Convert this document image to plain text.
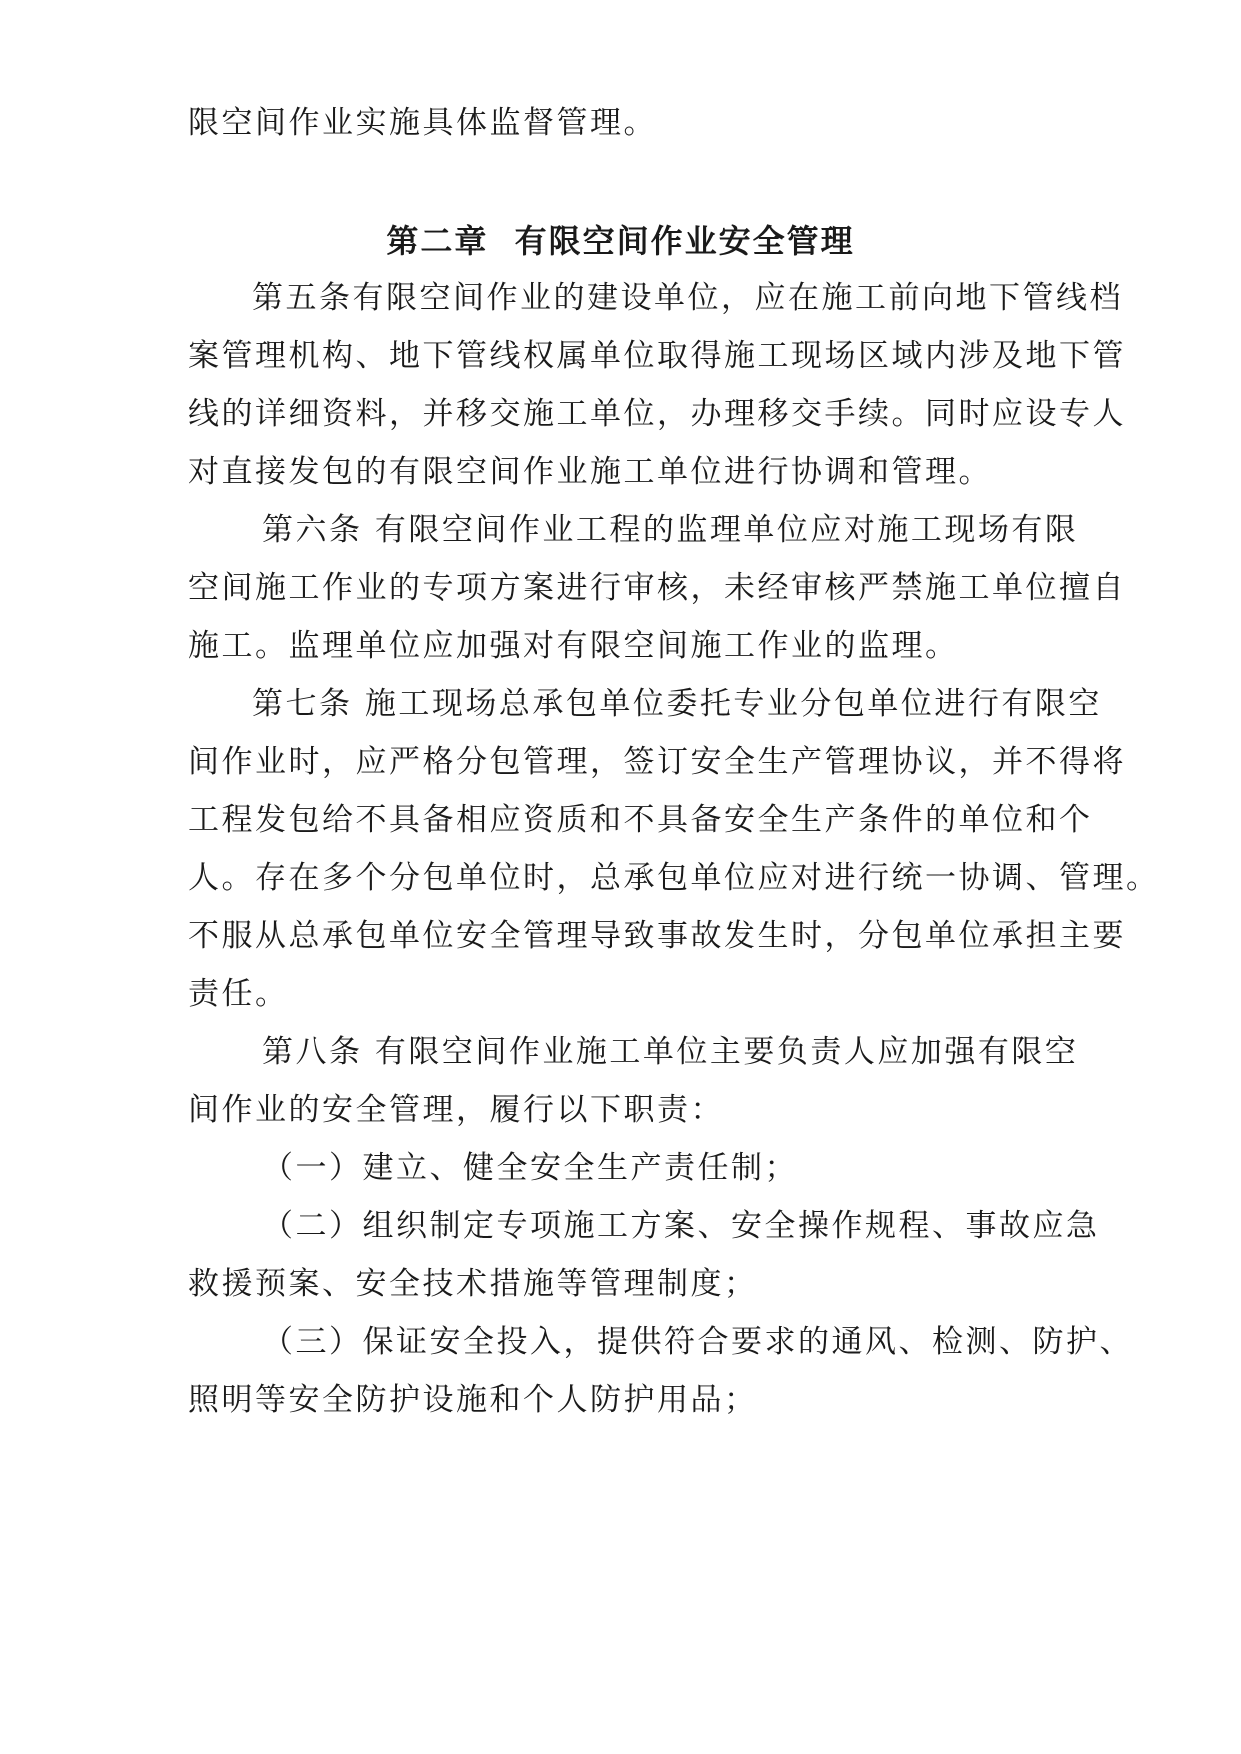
限空间作业实施具体监督管理。
第二章  有限空间作业安全管理
第五条有限空间作业的建设单位，应在施工前向地下管线档
案管理机构、地下管线权属单位取得施工现场区域内涉及地下管
线的详细资料，并移交施工单位，办理移交手续。同时应设专人
对直接发包的有限空间作业施工单位进行协调和管理。
第六条 有限空间作业工程的监理单位应对施工现场有限
空间施工作业的专项方案进行审核，未经审核严禁施工单位擅自
施工。监理单位应加强对有限空间施工作业的监理。
第七条 施工现场总承包单位委托专业分包单位进行有限空
间作业时，应严格分包管理，签订安全生产管理协议，并不得将
工程发包给不具备相应资质和不具备安全生产条件的单位和个
人。存在多个分包单位时，总承包单位应对进行统一协调、管理。
不服从总承包单位安全管理导致事故发生时，分包单位承担主要
责任。
第八条 有限空间作业施工单位主要负责人应加强有限空
间作业的安全管理，履行以下职责：
（一）建立、健全安全生产责任制；
（二）组织制定专项施工方案、安全操作规程、事故应急
救援预案、安全技术措施等管理制度；
（三）保证安全投入，提供符合要求的通风、检测、防护、
照明等安全防护设施和个人防护用品；
